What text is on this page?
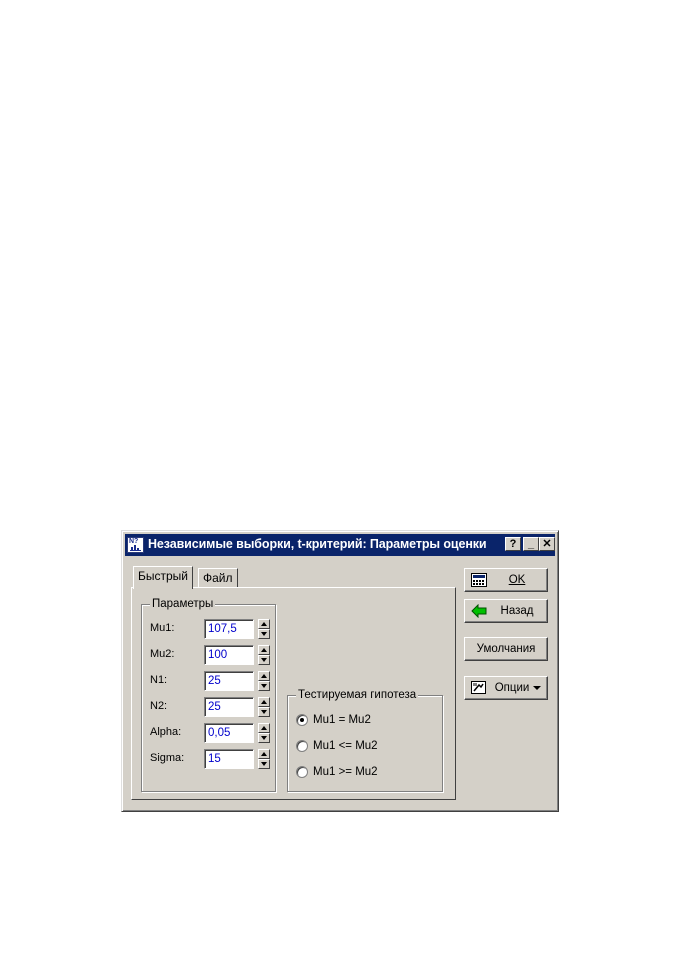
N? Независимые выборки, t-критерий: Параметры оценки	?	_ ✕
Быстрый	Файл
Параметры
Mu1:	107,5
Mu2:	100
N1:	25
N2:	25
Alpha:	0,05
Sigma:	15
Тестируемая гипотеза
Mu1 = Mu2
Mu1 <= Mu2
Mu1 >= Mu2
OK
Назад
Умолчания
Опции
